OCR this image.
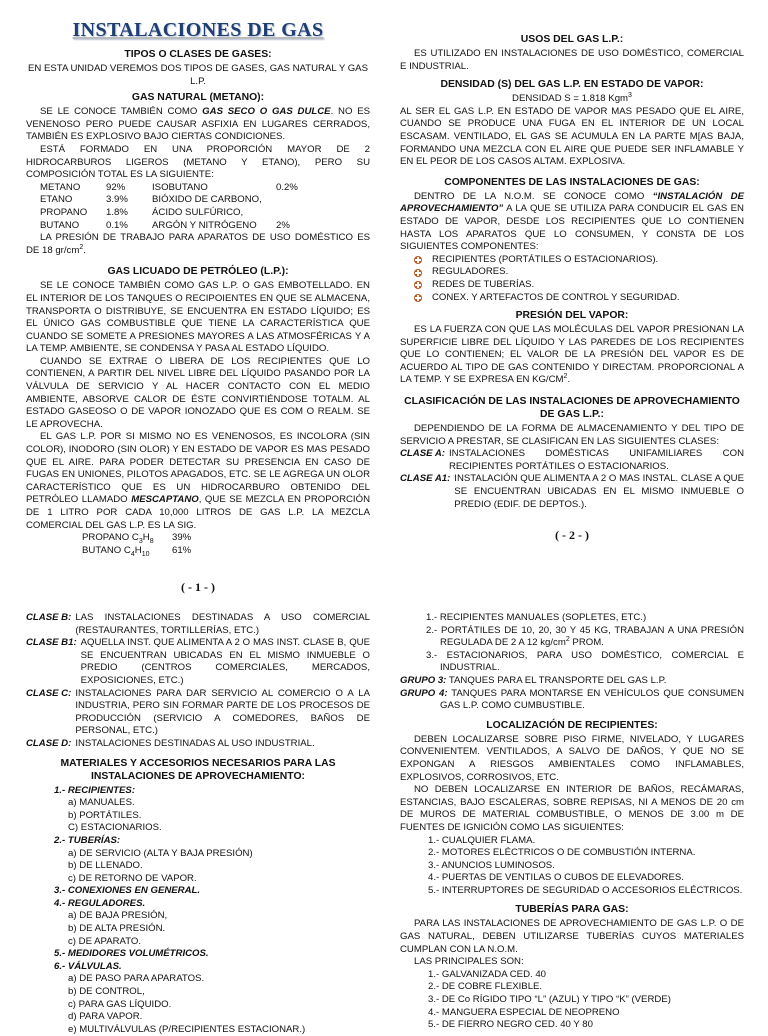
INSTALACIONES DE GAS
TIPOS O CLASES DE GASES:

EN ESTA UNIDAD VEREMOS DOS TIPOS DE GASES, GAS NATURAL Y GAS L.P.

GAS NATURAL (METANO):

SE LE CONOCE TAMBIÉN COMO GAS SECO O GAS DULCE. NO ES VENENOSO PERO PUEDE CAUSAR ASFIXIA EN LUGARES CERRADOS, TAMBIÉN ES EXPLOSIVO BAJO CIERTAS CONDICIONES.

ESTÁ FORMADO EN UNA PROPORCIÓN MAYOR DE 2 HIDROCARBUROS LIGEROS (METANO Y ETANO), PERO SU COMPOSICIÓN TOTAL ES LA SIGUIENTE:

METANO	92%	ISOBUTANO	0.2%
ETANO	3.9%	BIÓXIDO DE CARBONO,	
PROPANO	1.8%	ÁCIDO SULFÚRICO,	
BUTANO	0.1%	ARGÓN Y NITRÓGENO	2%

LA PRESIÓN DE TRABAJO PARA APARATOS DE USO DOMÉSTICO ES DE 18 $gr/cm^2$.

GAS LICUADO DE PETRÓLEO (L.P.):

SE LE CONOCE TAMBIÉN COMO GAS L.P. O GAS EMBOTELLADO. EN EL INTERIOR DE LOS TANQUES O RECIPOIENTES EN QUE SE ALMACENA, TRANSPORTA O DISTRIBUYE, SE ENCUENTRA EN ESTADO LÍQUIDO; ES EL ÚNICO GAS COMBUSTIBLE QUE TIENE LA CARACTERÍSTICA QUE CUANDO SE SOMETE A PRESIONES MAYORES A LAS ATMOSFÉRICAS Y A LA TEMP. AMBIENTE, SE CONDENSA Y PASA AL ESTADO LÍQUIDO.

CUANDO SE EXTRAE O LIBERA DE LOS RECIPIENTES QUE LO CONTIENEN, A PARTIR DEL NIVEL LIBRE DEL LÍQUIDO PASANDO POR LA VÁLVULA DE SERVICIO Y AL HACER CONTACTO CON EL MEDIO AMBIENTE, ABSORVE CALOR DE ÉSTE CONVIRTIÉNDOSE TOTALM. AL ESTADO GASEOSO O DE VAPOR IONOZADO QUE ES COM O REALM. SE LE APROVECHA.

EL GAS L.P. POR SI MISMO NO ES VENENOSOS, ES INCOLORA (SIN COLOR), INODORO (SIN OLOR) Y EN ESTADO DE VAPOR ES MAS PESADO QUE EL AIRE. PARA PODER DETECTAR SU PRESENCIA EN CASO DE FUGAS EN UNIONES, PILOTOS APAGADOS, ETC. SE LE AGREGA UN OLOR CARACTERÍSTICO QUE ES UN HIDROCARBURO OBTENIDO DEL PETRÓLEO LLAMADO MESCAPTANO, QUE SE MEZCLA EN PROPORCIÓN DE 1 LITRO POR CADA 10,000 LITROS DE GAS L.P. LA MEZCLA COMERCIAL DEL GAS L.P. ES LA SIG.

PROPANO $C_3H_8$	39%
BUTANO $C_4H_{10}$	61%
( - 1 - )
USOS DEL GAS L.P.:

ES UTILIZADO EN INSTALACIONES DE USO DOMÉSTICO, COMERCIAL E INDUSTRIAL.

DENSIDAD (S) DEL GAS L.P. EN ESTADO DE VAPOR:

DENSIDAD S = 1.818 Kgm$^3$

AL SER EL GAS L.P. EN ESTADO DE VAPOR MAS PESADO QUE EL AIRE, CUANDO SE PRODUCE UNA FUGA EN EL INTERIOR DE UN LOCAL ESCASAM. VENTILADO, EL GAS SE ACUMULA EN LA PARTE M[AS BAJA, FORMANDO UNA MEZCLA CON EL AIRE QUE PUEDE SER INFLAMABLE Y EN EL PEOR DE LOS CASOS ALTAM. EXPLOSIVA.

COMPONENTES DE LAS INSTALACIONES DE GAS:

DENTRO DE LA N.O.M. SE CONOCE COMO “INSTALACIÓN DE APROVECHAMIENTO” A LA QUE SE UTILIZA PARA CONDUCIR EL GAS EN ESTADO DE VAPOR, DESDE LOS RECIPIENTES QUE LO CONTIENEN HASTA LOS APARATOS QUE LO CONSUMEN, Y CONSTA DE LOS SIGUIENTES COMPONENTES:

RECIPIENTES (PORTÁTILES O ESTACIONARIOS).
REGULADORES.
REDES DE TUBERÍAS.
CONEX. Y ARTEFACTOS DE CONTROL Y SEGURIDAD.
PRESIÓN DEL VAPOR:

ES LA FUERZA CON QUE LAS MOLÉCULAS DEL VAPOR PRESIONAN LA SUPERFICIE LIBRE DEL LÍQUIDO Y LAS PAREDES DE LOS RECIPIENTES QUE LO CONTIENEN; EL VALOR DE LA PRESIÓN DEL VAPOR ES DE ACUERDO AL TIPO DE GAS CONTENIDO Y DIRECTAM. PROPORCIONAL A LA TEMP. Y SE EXPRESA EN $KG/CM^2$.

CLASIFICACIÓN DE LAS INSTALACIONES DE APROVECHAMIENTO DE GAS L.P.:

DEPENDIENDO DE LA FORMA DE ALMACENAMIENTO Y DEL TIPO DE SERVICIO A PRESTAR, SE CLASIFICAN EN LAS SIGUIENTES CLASES:

CLASE A: INSTALACIONES DOMÉSTICAS UNIFAMILIARES CON RECIPIENTES PORTÁTILES O ESTACIONARIOS.
CLASE A1: INSTALACIÓN QUE ALIMENTA A 2 O MAS INSTAL. CLASE A QUE SE ENCUENTRAN UBICADAS EN EL MISMO INMUEBLE O PREDIO (EDIF. DE DEPTOS.).
( - 2 - )
CLASE B: LAS INSTALACIONES DESTINADAS A USO COMERCIAL (RESTAURANTES, TORTILLERÍAS, ETC.)
CLASE B1: AQUELLA INST. QUE ALIMENTA A 2 O MAS INST. CLASE B, QUE SE ENCUENTRAN UBICADAS EN EL MISMO INMUEBLE O PREDIO (CENTROS COMERCIALES, MERCADOS, EXPOSICIONES, ETC.)
CLASE C: INSTALACIONES PARA DAR SERVICIO AL COMERCIO O A LA INDUSTRIA, PERO SIN FORMAR PARTE DE LOS PROCESOS DE PRODUCCIÓN (SERVICIO A COMEDORES, BAÑOS DE PERSONAL, ETC.)
CLASE D: INSTALACIONES DESTINADAS AL USO INDUSTRIAL.
MATERIALES Y ACCESORIOS NECESARIOS PARA LAS INSTALACIONES DE APROVECHAMIENTO:
1.- RECIPIENTES:
a) MANUALES.
b) PORTÁTILES.
C) ESTACIONARIOS.
2.- TUBERÍAS:
a) DE SERVICIO (ALTA Y BAJA PRESIÓN)
b) DE LLENADO.
c) DE RETORNO DE VAPOR.
3.- CONEXIONES EN GENERAL.
4.- REGULADORES.
a) DE BAJA PRESIÓN,
b) DE ALTA PRESIÓN.
c) DE APARATO.
5.- MEDIDORES VOLUMÉTRICOS.
6.- VÁLVULAS.
a) DE PASO PARA APARATOS.
b) DE CONTROL,
c) PARA GAS LÍQUIDO.
d) PARA VAPOR.
e) MULTIVÁLVULAS (P/RECIPIENTES ESTACIONAR.)
1.- RECIPIENTES MANUALES (SOPLETES, ETC.)
2.- PORTÁTILES DE 10, 20, 30 Y 45 KG, TRABAJAN A UNA PRESIÓN REGULADA DE 2 A 12 $kg/cm^2$ PROM.
3.- ESTACIONARIOS, PARA USO DOMÉSTICO, COMERCIAL E INDUSTRIAL.
GRUPO 3: TANQUES PARA EL TRANSPORTE DEL GAS L.P.
GRUPO 4: TANQUES PARA MONTARSE EN VEHÍCULOS QUE CONSUMEN GAS L.P. COMO CUMBUSTIBLE.
LOCALIZACIÓN DE RECIPIENTES:

DEBEN LOCALIZARSE SOBRE PISO FIRME, NIVELADO, Y LUGARES CONVENIENTEM. VENTILADOS, A SALVO DE DAÑOS, Y QUE NO SE EXPONGAN A RIESGOS AMBIENTALES COMO INFLAMABLES, EXPLOSIVOS, CORROSIVOS, ETC.

NO DEBEN LOCALIZARSE EN INTERIOR DE BAÑOS, RECÁMARAS, ESTANCIAS, BAJO ESCALERAS, SOBRE REPISAS, NI A MENOS DE 20 cm DE MUROS DE MATERIAL COMBUSTIBLE, O MENOS DE 3.00 m DE FUENTES DE IGNICIÓN COMO LAS SIGUIENTES:

1.- CUALQUIER FLAMA.
2.- MOTORES ELÉCTRICOS O DE COMBUSTIÓN INTERNA.
3.- ANUNCIOS LUMINOSOS.
4.- PUERTAS DE VENTILAS O CUBOS DE ELEVADORES.
5.- INTERRUPTORES DE SEGURIDAD O ACCESORIOS ELÉCTRICOS.
TUBERÍAS PARA GAS:

PARA LAS INSTALACIONES DE APROVECHAMIENTO DE GAS L.P. O DE GAS NATURAL, DEBEN UTILIZARSE TUBERÍAS CUYOS MATERIALES CUMPLAN CON LA N.O.M.

LAS PRINCIPALES SON:
1.- GALVANIZADA CED. 40
2.- DE COBRE FLEXIBLE.
3.- DE Co RÍGIDO TIPO “L” (AZUL) Y TIPO “K” (VERDE)
4.- MANGUERA ESPECIAL DE NEOPRENO
5.- DE FIERRO NEGRO CED. 40 Y 80
